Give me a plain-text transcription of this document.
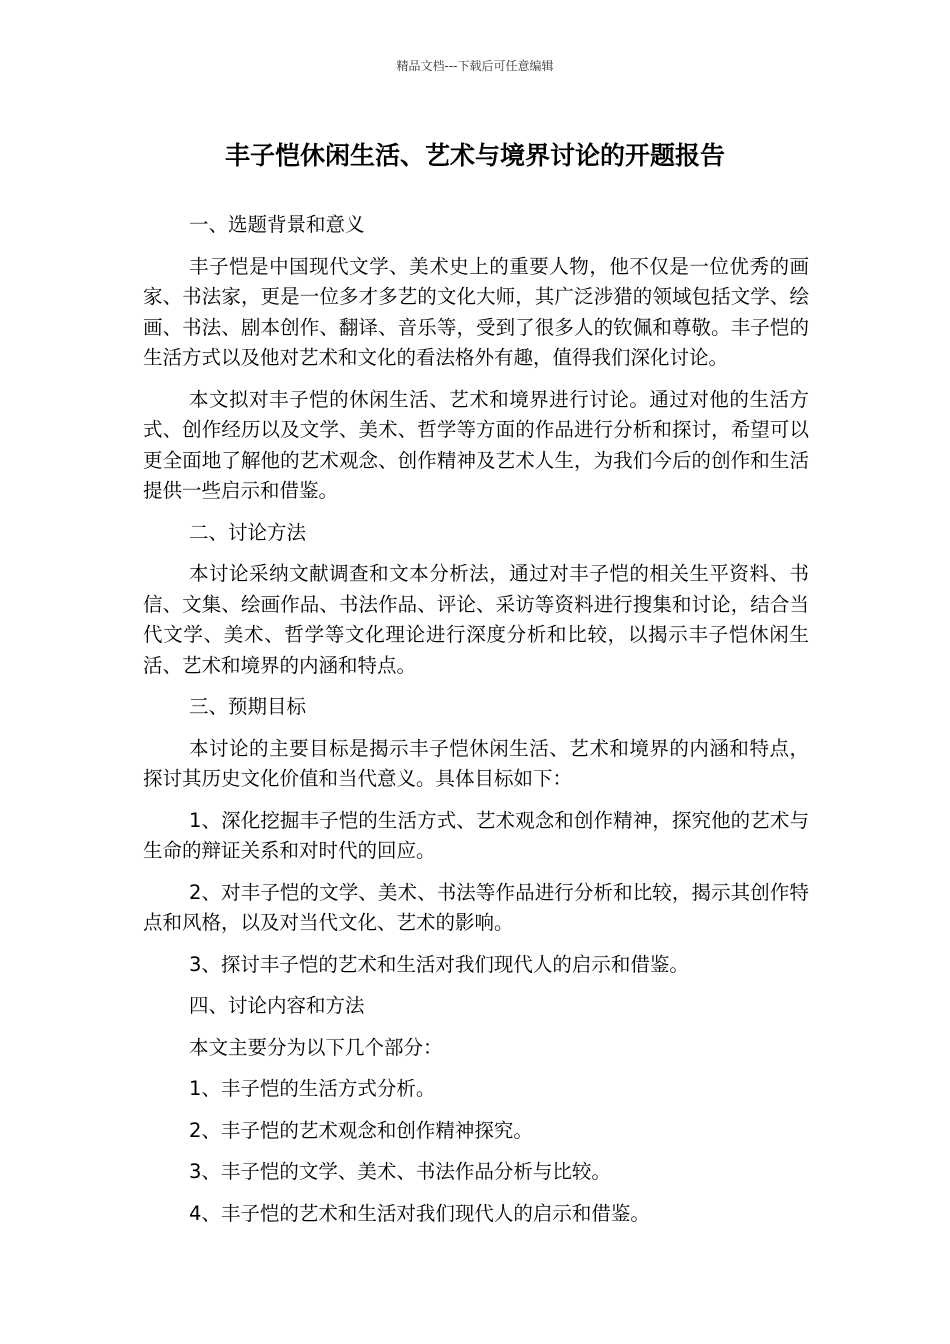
精品文档---下载后可任意编辑
丰子恺休闲生活、艺术与境界讨论的开题报告

一、选题背景和意义

丰子恺是中国现代文学、美术史上的重要人物，他不仅是一位优秀的画家、书法家，更是一位多才多艺的文化大师，其广泛涉猎的领域包括文学、绘画、书法、剧本创作、翻译、音乐等，受到了很多人的钦佩和尊敬。丰子恺的生活方式以及他对艺术和文化的看法格外有趣，值得我们深化讨论。

本文拟对丰子恺的休闲生活、艺术和境界进行讨论。通过对他的生活方式、创作经历以及文学、美术、哲学等方面的作品进行分析和探讨，希望可以更全面地了解他的艺术观念、创作精神及艺术人生，为我们今后的创作和生活提供一些启示和借鉴。

二、讨论方法

本讨论采纳文献调查和文本分析法，通过对丰子恺的相关生平资料、书信、文集、绘画作品、书法作品、评论、采访等资料进行搜集和讨论，结合当代文学、美术、哲学等文化理论进行深度分析和比较，以揭示丰子恺休闲生活、艺术和境界的内涵和特点。

三、预期目标

本讨论的主要目标是揭示丰子恺休闲生活、艺术和境界的内涵和特点，探讨其历史文化价值和当代意义。具体目标如下：

1、深化挖掘丰子恺的生活方式、艺术观念和创作精神，探究他的艺术与生命的辩证关系和对时代的回应。

2、对丰子恺的文学、美术、书法等作品进行分析和比较，揭示其创作特点和风格，以及对当代文化、艺术的影响。

3、探讨丰子恺的艺术和生活对我们现代人的启示和借鉴。

四、讨论内容和方法

本文主要分为以下几个部分：

1、丰子恺的生活方式分析。

2、丰子恺的艺术观念和创作精神探究。

3、丰子恺的文学、美术、书法作品分析与比较。

4、丰子恺的艺术和生活对我们现代人的启示和借鉴。
